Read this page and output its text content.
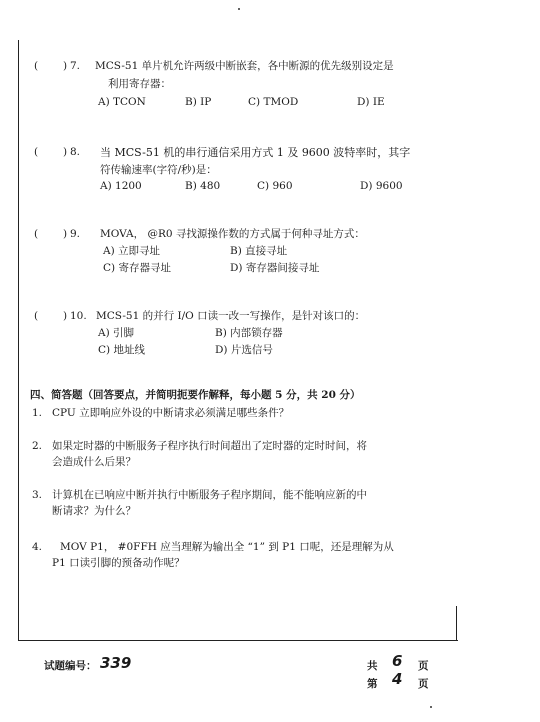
( ) 7. MCS-51 单片机允许两级中断嵌套，各中断源的优先级别设定是
利用寄存器：
A) TCON	B) IP	C) TMOD	D) IE
( ) 8. 当 MCS-51 机的串行通信采用方式 1 及 9600 波特率时，其字
符传输速率(字符/秒)是：
A) 1200	B) 480	C) 960	D) 9600
( ) 9. MOVA， @R0 寻找源操作数的方式属于何种寻址方式：
A) 立即寻址	B) 直接寻址
C) 寄存器寻址	D) 寄存器间接寻址
( ) 10. MCS-51 的并行 I/O 口读一改一写操作，是针对该口的：
A) 引脚	B) 内部锁存器
C) 地址线	D) 片选信号
四、简答题（回答要点，并简明扼要作解释，每小题 5 分，共 20 分）
1. CPU 立即响应外设的中断请求必须满足哪些条件？
2. 如果定时器的中断服务子程序执行时间超出了定时器的定时时间，将
会造成什么后果？
3. 计算机在已响应中断并执行中断服务子程序期间，能不能响应新的中
断请求？为什么？
4. MOV P1， #0FFH 应当理解为输出全 “1” 到 P1 口呢，还是理解为从
P1 口读引脚的预备动作呢？
试题编号： 339	共 6 页
第 4 页
